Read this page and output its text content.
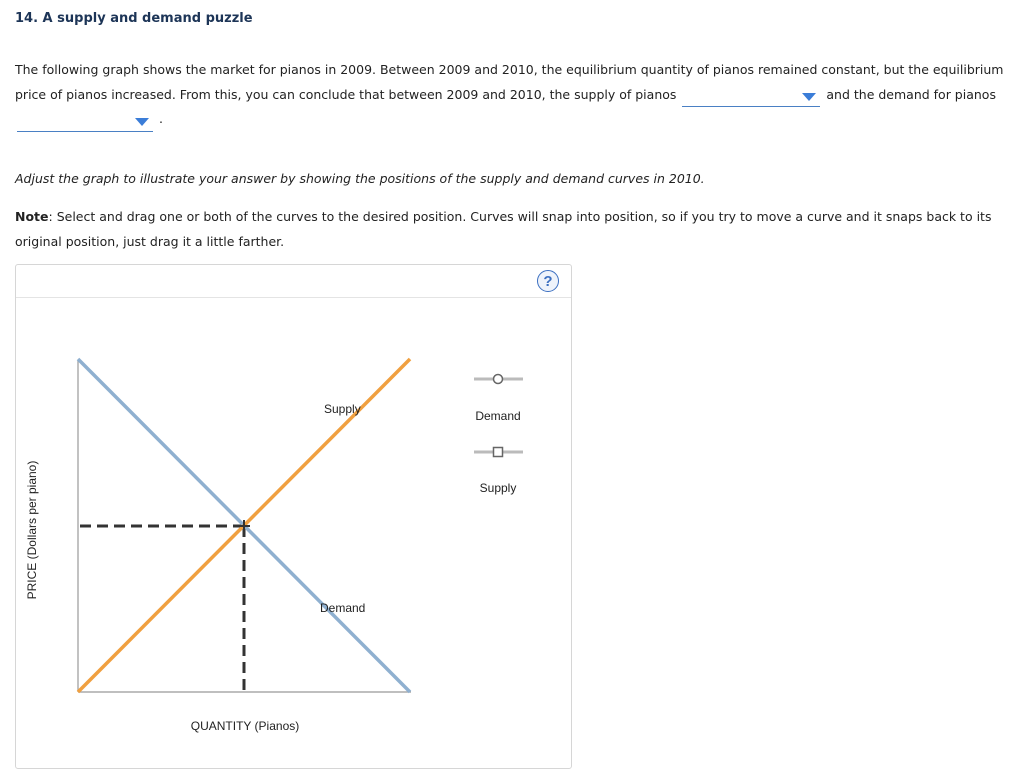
14. A supply and demand puzzle
The following graph shows the market for pianos in 2009. Between 2009 and 2010, the equilibrium quantity of pianos remained constant, but the equilibrium price of pianos increased. From this, you can conclude that between 2009 and 2010, the supply of pianos	and the demand for pianos
.
Adjust the graph to illustrate your answer by showing the positions of the supply and demand curves in 2010.
Note: Select and drag one or both of the curves to the desired position. Curves will snap into position, so if you try to move a curve and it snaps back to its original position, just drag it a little farther.
?
Supply
Demand
PRICE (Dollars per piano)
QUANTITY (Pianos)
Demand
Supply
